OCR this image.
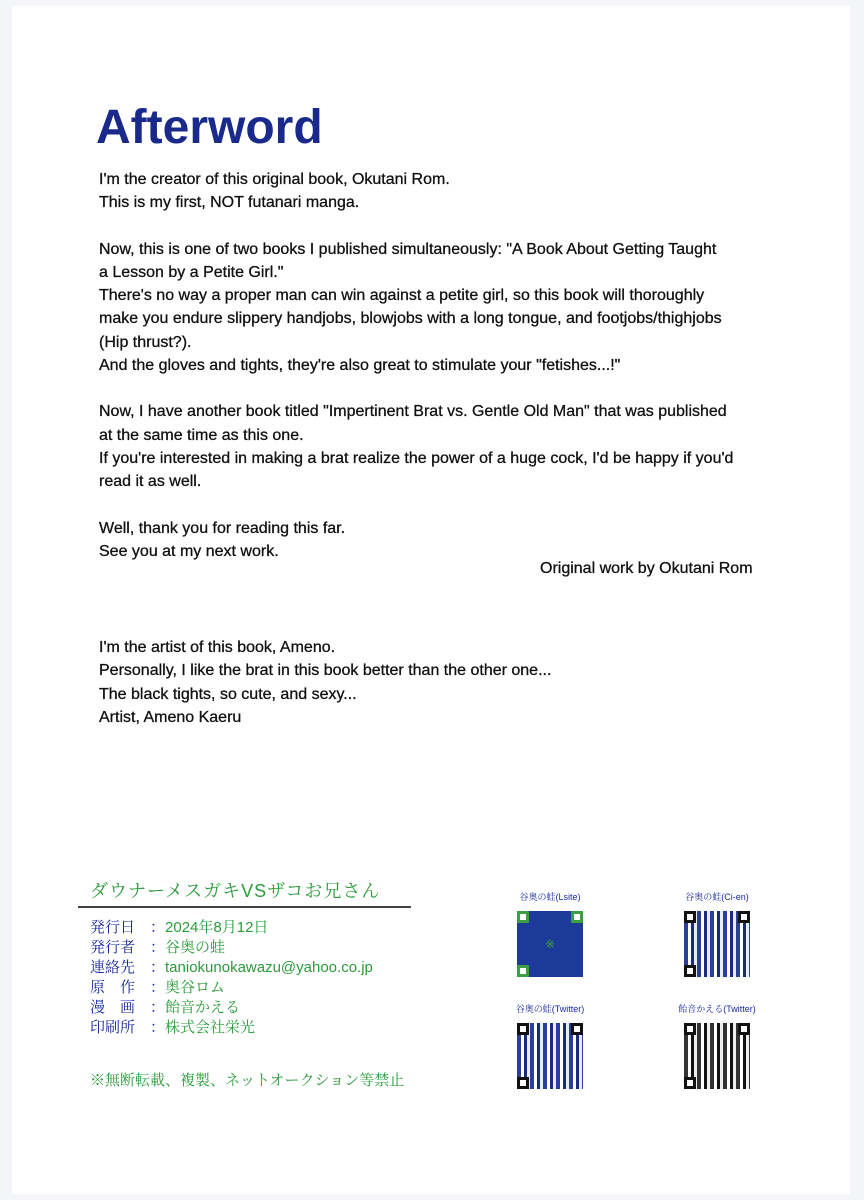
Afterword

I'm the creator of this original book, Okutani Rom.

This is my first, NOT futanari manga.

Now, this is one of two books I published simultaneously: "A Book About Getting Taught

a Lesson by a Petite Girl."

There's no way a proper man can win against a petite girl, so this book will thoroughly

make you endure slippery handjobs, blowjobs with a long tongue, and footjobs/thighjobs

(Hip thrust?).

And the gloves and tights, they're also great to stimulate your "fetishes...!"

Now, I have another book titled "Impertinent Brat vs. Gentle Old Man" that was published

at the same time as this one.

If you're interested in making a brat realize the power of a huge cock, I'd be happy if you'd

read it as well.

Well, thank you for reading this far.

See you at my next work.

Original work by Okutani Rom

I'm the artist of this book, Ameno.

Personally, I like the brat in this book better than the other one...

The black tights, so cute, and sexy...

Artist, Ameno Kaeru

ダウナーメスガキVSザコお兄さん
発行日 ： 2024年8月12日
発行者 ： 谷奥の蛙
連絡先 ： taniokunokawazu@yahoo.co.jp
原　作 ： 奥谷ロム
漫　画 ： 飴音かえる
印刷所 ： 株式会社栄光
※無断転載、複製、ネットオークション等禁止
谷奥の蛙(Lsite)
※
谷奥の蛙(Ci-en)
谷奥の蛙(Twitter)	飴音かえる(Twitter)
